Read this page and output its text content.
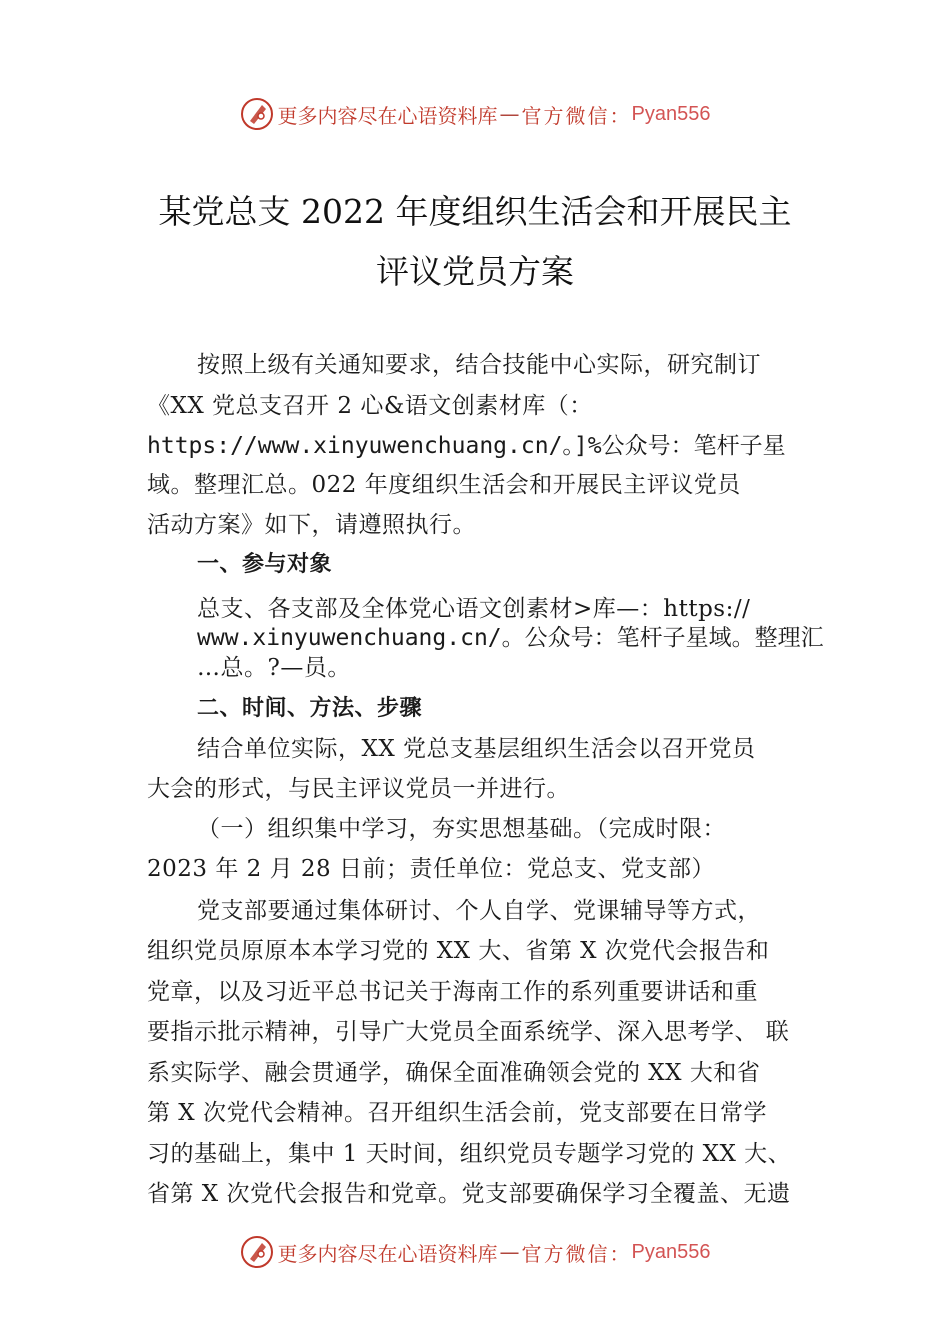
更多内容尽在心语资料库 — 官方微信： Pyan556
某党总支 2022 年度组织生活会和开展民主
评议党员方案
按照上级有关通知要求，结合技能中心实际，研究制订
《XX 党总支召开 2 心&语文创素材库（：
https://www.xinyuwenchuang.cn/。]%公众号：笔杆子星
域。整理汇总。022 年度组织生活会和开展民主评议党员
活动方案》如下，请遵照执行。
一、参与对象
总支、各支部及全体党心语文创素材>库—：https://
www.xinyuwenchuang.cn/。公众号：笔杆子星域。整理汇
…总。?—员。
二、时间、方法、步骤
结合单位实际，XX 党总支基层组织生活会以召开党员
大会的形式，与民主评议党员一并进行。
（一）组织集中学习，夯实思想基础。（完成时限：
2023 年 2 月 28 日前；责任单位：党总支、党支部）
党支部要通过集体研讨、个人自学、党课辅导等方式，
组织党员原原本本学习党的 XX 大、省第 X 次党代会报告和
党章，以及习近平总书记关于海南工作的系列重要讲话和重
要指示批示精神，引导广大党员全面系统学、深入思考学、 联
系实际学、融会贯通学，确保全面准确领会党的 XX 大和省
第 X 次党代会精神。召开组织生活会前，党支部要在日常学
习的基础上，集中 1 天时间，组织党员专题学习党的 XX 大、
省第 X 次党代会报告和党章。党支部要确保学习全覆盖、无遗
更多内容尽在心语资料库 — 官方微信： Pyan556
